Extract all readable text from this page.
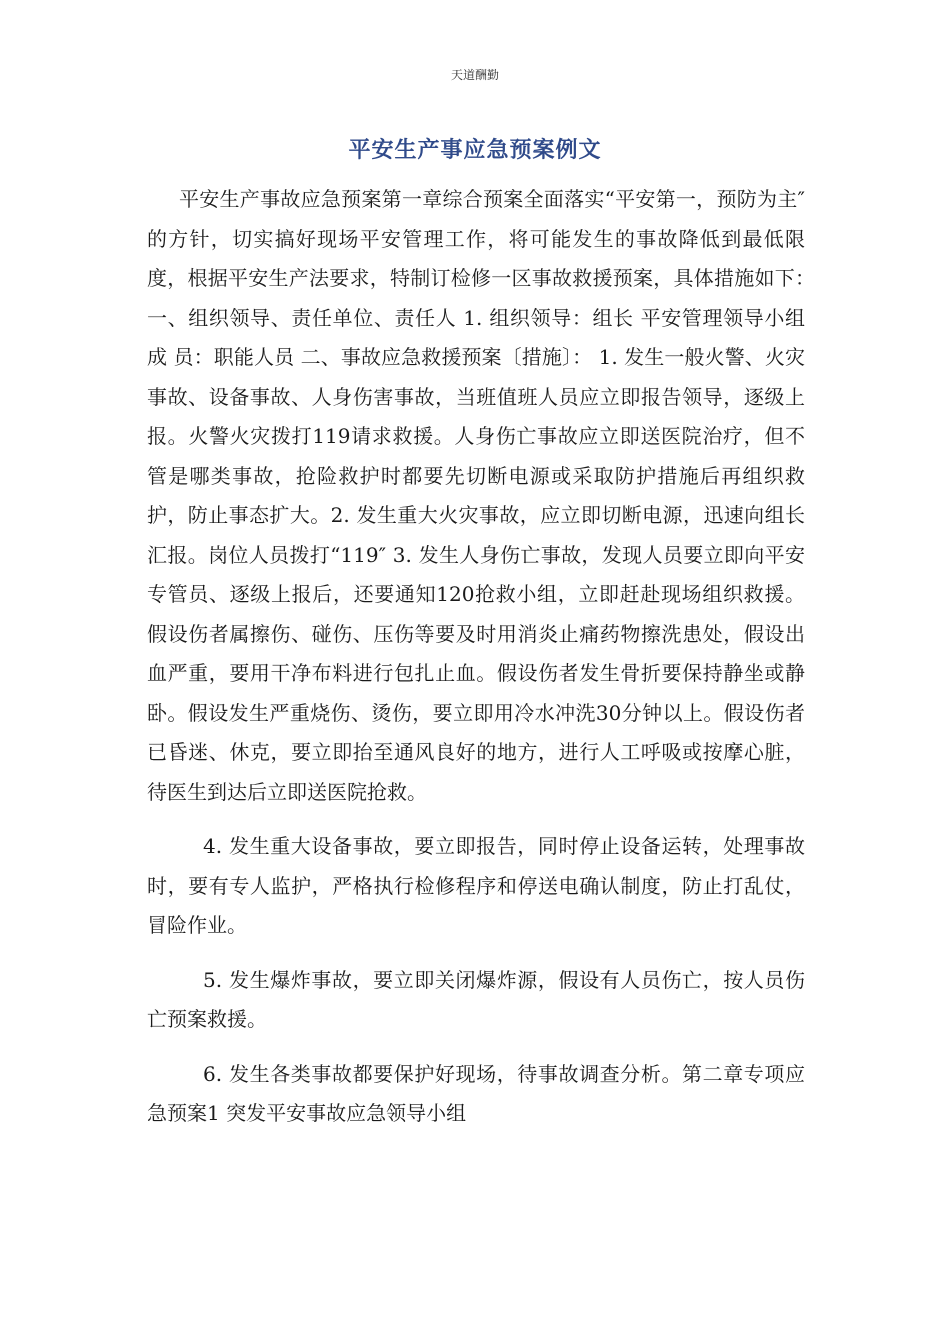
天道酬勤
平安生产事应急预案例文

平安生产事故应急预案第一章综合预案全面落实“平安第一，预防为主″的方针，切实搞好现场平安管理工作，将可能发生的事故降低到最低限度，根据平安生产法要求，特制订检修一区事故救援预案，具体措施如下：　一、组织领导、责任单位、责任人 1. 组织领导：组长 平安管理领导小组 成 员：职能人员 二、事故应急救援预案〔措施〕： 1. 发生一般火警、火灾事故、设备事故、人身伤害事故，当班值班人员应立即报告领导，逐级上报。火警火灾拨打119请求救援。人身伤亡事故应立即送医院治疗，但不管是哪类事故，抢险救护时都要先切断电源或采取防护措施后再组织救护，防止事态扩大。2. 发生重大火灾事故，应立即切断电源，迅速向组长汇报。岗位人员拨打“119″ 3. 发生人身伤亡事故，发现人员要立即向平安专管员、逐级上报后，还要通知120抢救小组，立即赶赴现场组织救援。假设伤者属擦伤、碰伤、压伤等要及时用消炎止痛药物擦洗患处，假设出血严重，要用干净布料进行包扎止血。假设伤者发生骨折要保持静坐或静卧。假设发生严重烧伤、烫伤，要立即用冷水冲洗30分钟以上。假设伤者已昏迷、休克，要立即抬至通风良好的地方，进行人工呼吸或按摩心脏，待医生到达后立即送医院抢救。

4. 发生重大设备事故，要立即报告，同时停止设备运转，处理事故时，要有专人监护，严格执行检修程序和停送电确认制度，防止打乱仗，冒险作业。

5. 发生爆炸事故，要立即关闭爆炸源，假设有人员伤亡，按人员伤亡预案救援。

6. 发生各类事故都要保护好现场，待事故调查分析。第二章专项应急预案1 突发平安事故应急领导小组
